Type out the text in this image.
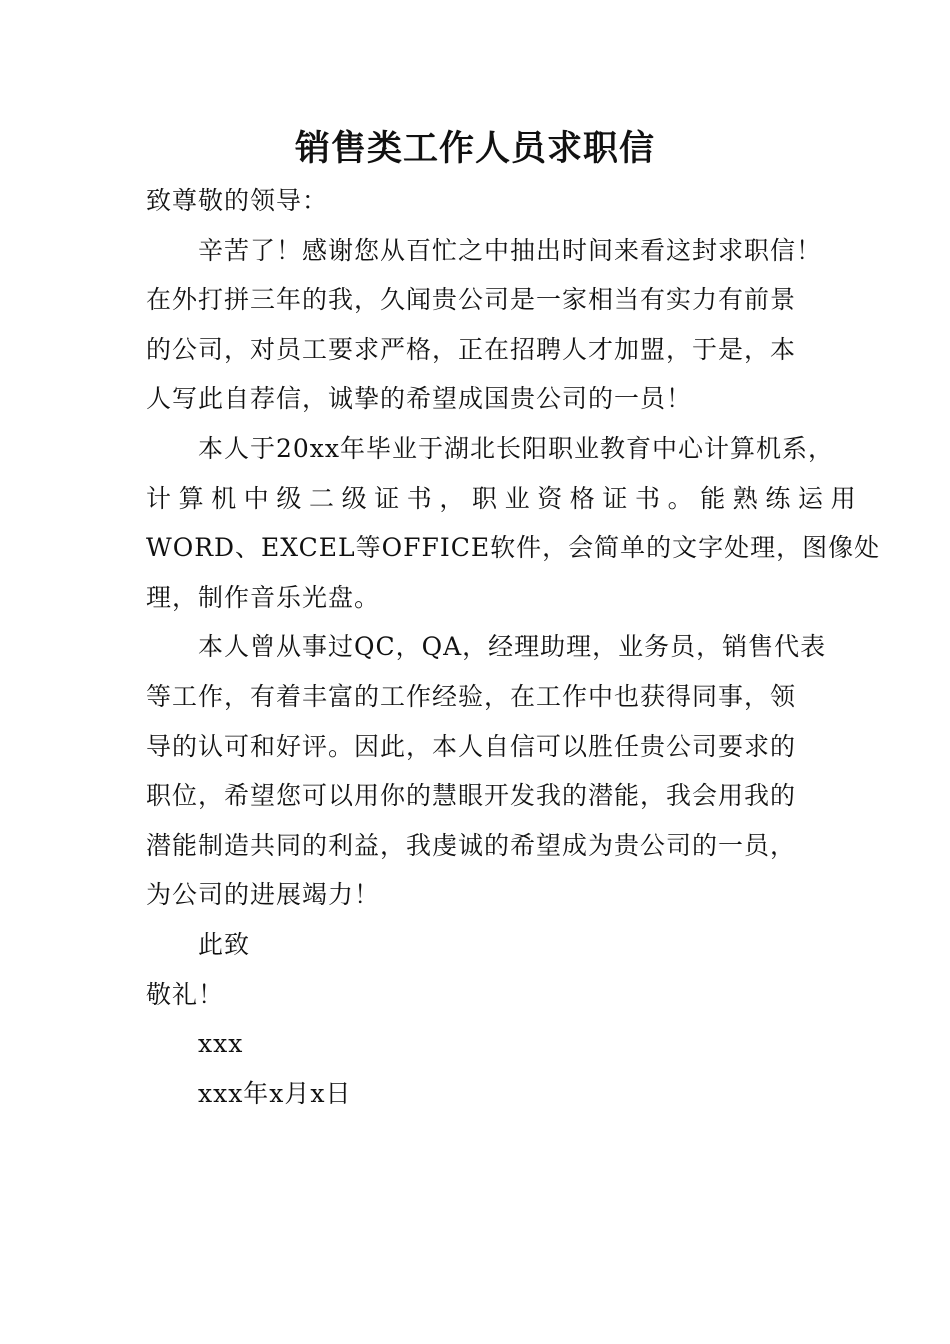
销售类工作人员求职信
致尊敬的领导：
辛苦了！感谢您从百忙之中抽出时间来看这封求职信！
在外打拼三年的我，久闻贵公司是一家相当有实力有前景
的公司，对员工要求严格，正在招聘人才加盟，于是，本
人写此自荐信，诚挚的希望成国贵公司的一员！
本人于20xx年毕业于湖北长阳职业教育中心计算机系，
计算机中级二级证书，职业资格证书。能熟练运用
WORD、EXCEL等OFFICE软件，会简单的文字处理，图像处
理，制作音乐光盘。
本人曾从事过QC，QA，经理助理，业务员，销售代表
等工作，有着丰富的工作经验，在工作中也获得同事，领
导的认可和好评。因此，本人自信可以胜任贵公司要求的
职位，希望您可以用你的慧眼开发我的潜能，我会用我的
潜能制造共同的利益，我虔诚的希望成为贵公司的一员，
为公司的进展竭力！
此致
敬礼！
xxx
xxx年x月x日
